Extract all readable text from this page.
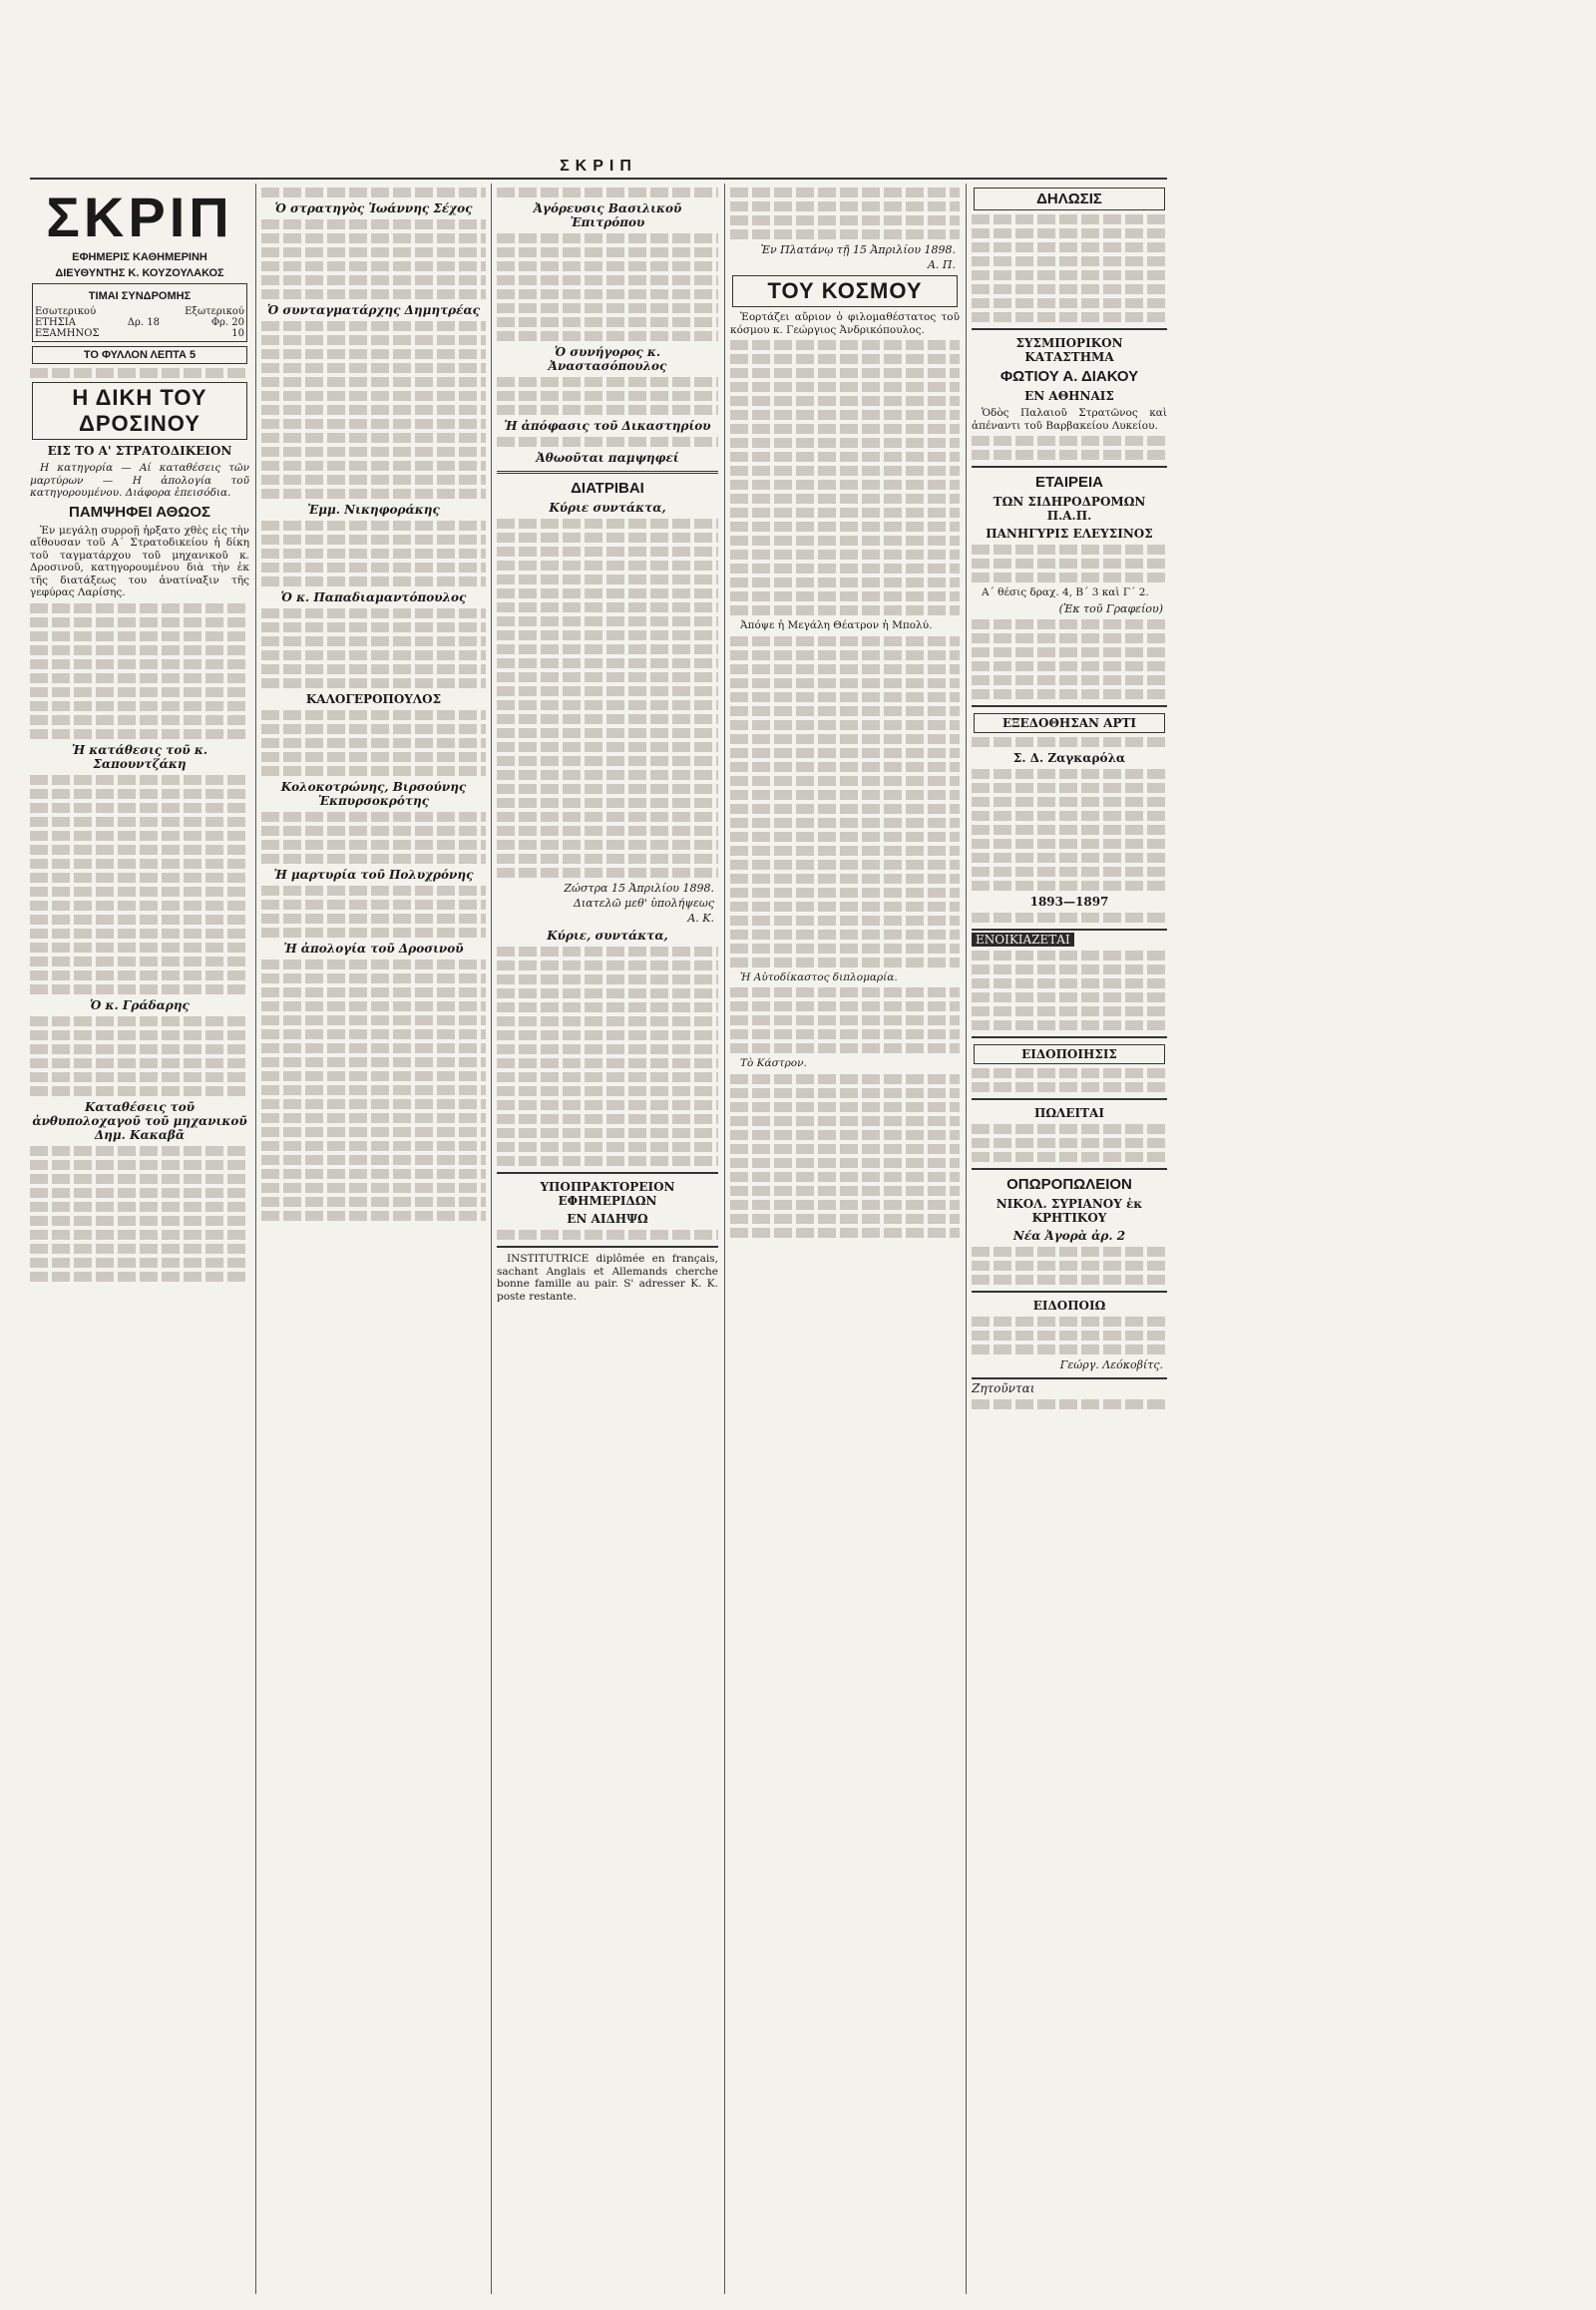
ΣΚΡΙΠ
ΣΚΡΙΠ
ΕΦΗΜΕΡΙΣ ΚΑΘΗΜΕΡΙΝΗ
ΔΙΕΥΘΥΝΤΗΣ Κ. ΚΟΥΖΟΥΛΑΚΟΣ
ΤΙΜΑΙ ΣΥΝΔΡΟΜΗΣ
Εσωτερικού	Εξωτερικού
ΕΤΗΣΙΑ	Δρ. 18	Φρ. 20
ΕΞΑΜΗΝΟΣ	10
ΤΟ ΦΥΛΛΟΝ ΛΕΠΤΑ 5
Η ΔΙΚΗ ΤΟΥ ΔΡΟΣΙΝΟΥ
ΕΙΣ ΤΟ Α' ΣΤΡΑΤΟΔΙΚΕΙΟΝ

Η κατηγορία — Αί καταθέσεις τῶν μαρτύρων — Η ἀπολογία τοῦ κατηγορουμένου. Διάφορα ἐπεισόδια.

ΠΑΜΨΗΦΕΙ ΑΘΩΟΣ

Ἐν μεγάλῃ συρροῇ ἠρξατο χθὲς εἰς τὴν αἴθουσαν τοῦ Α΄ Στρατοδικείου ἡ δίκη τοῦ ταγματάρχου τοῦ μηχανικοῦ κ. Δροσινοῦ, κατηγορουμένου διὰ τὴν ἐκ τῆς διατάξεως του ἀνατίναξιν τῆς γεφύρας Λαρίσης.

Ἡ κατάθεσις τοῦ κ. Σαπουντζάκη
Ὁ κ. Γράδαρης
Καταθέσεις τοῦ ἀνθυπολοχαγοῦ τοῦ μηχανικοῦ Δημ. Κακαβᾶ
Ὁ στρατηγὸς Ἰωάννης Σέχος
Ὁ συνταγματάρχης Δημητρέας
Ἐμμ. Νικηφοράκης
Ὁ κ. Παπαδιαμαντόπουλος
ΚΑΛΟΓΕΡΟΠΟΥΛΟΣ
Κολοκοτρώνης, Βιρσούνης Ἐκπυρσοκρότης
Ἡ μαρτυρία τοῦ Πολυχρόνης
Ἡ ἀπολογία τοῦ Δροσινοῦ
Ἀγόρευσις Βασιλικοῦ Ἐπιτρόπου
Ὁ συνήγορος κ. Ἀναστασόπουλος
Ἡ ἀπόφασις τοῦ Δικαστηρίου
Ἀθωοῦται παμψηφεί
ΔΙΑΤΡΙΒΑΙ
Κύριε συντάκτα,
Ζώστρα 15 Ἀπριλίου 1898.
Διατελῶ μεθ' ὑπολήψεως
Α. Κ.
Κύριε, συντάκτα,
ΥΠΟΠΡΑΚΤΟΡΕΙΟΝ ΕΦΗΜΕΡΙΔΩΝ
ΕΝ ΑΙΔΗΨΩ

INSTITUTRICE diplômée en français, sachant Anglais et Allemands cherche bonne famille au pair. S' adresser K. K. poste restante.

Ἐν Πλατάνῳ τῇ 15 Ἀπριλίου 1898.
Α. Π.
ΤΟΥ ΚΟΣΜΟΥ

Ἑορτάζει αὔριον ὁ φιλομαθέστατος τοῦ κόσμου κ. Γεώργιος Ἀνδρικόπουλος.

Ἀπόψε ἡ Μεγάλη Θέατρον ἡ Μπολύ.

Ἡ Αὐτοδίκαστος διπλομαρία.

Τὸ Κάστρον.

ΔΗΛΩΣΙΣ
ΣΥΣΜΠΟΡΙΚΟΝ ΚΑΤΑΣΤΗΜΑ
ΦΩΤΙΟΥ Α. ΔΙΑΚΟΥ
ΕΝ ΑΘΗΝΑΙΣ

Ὁδὸς Παλαιοῦ Στρατῶνος καὶ ἀπέναντι τοῦ Βαρβακείου Λυκείου.

ΕΤΑΙΡΕΙΑ
ΤΩΝ ΣΙΔΗΡΟΔΡΟΜΩΝ Π.Α.Π.
ΠΑΝΗΓΥΡΙΣ ΕΛΕΥΣΙΝΟΣ

Α΄ θέσις δραχ. 4, Β΄ 3 καὶ Γ΄ 2.

(Ἐκ τοῦ Γραφείου)
ΕΞΕΔΟΘΗΣΑΝ ΑΡΤΙ
Σ. Δ. Ζαγκαρόλα
1893—1897
ΕΝΟΙΚΙΑΖΕΤΑΙ
ΕΙΔΟΠΟΙΗΣΙΣ
ΠΩΛΕΙΤΑΙ
ΟΠΩΡΟΠΩΛΕΙΟΝ
ΝΙΚΟΛ. ΣΥΡΙΑΝΟΥ ἐκ ΚΡΗΤΙΚΟΥ
Νέα Ἀγορὰ ἀρ. 2
ΕΙΔΟΠΟΙΩ
Γεώργ. Λεόκοβίτς.
Ζητοῦνται
